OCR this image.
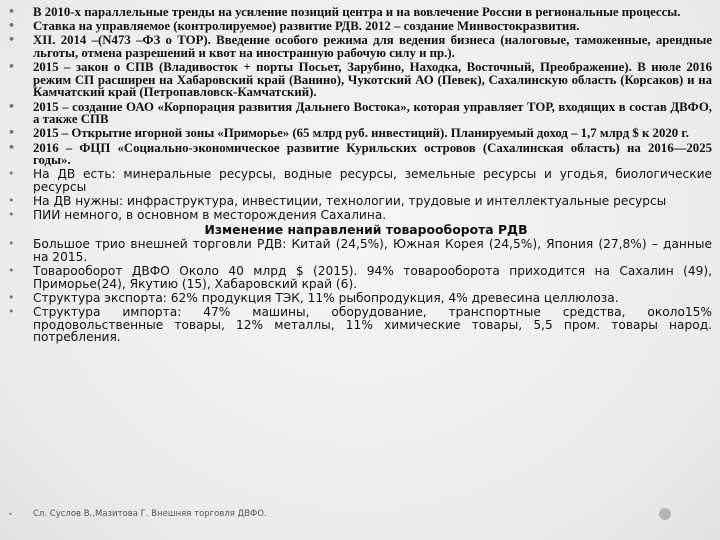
• В 2010-х параллельные тренды на усиление позиций центра и на вовлечение России в региональные процессы.
• Ставка на управляемое (контролируемое) развитие РДВ. 2012 – создание Минвостокразвития.
• XII. 2014 –(N473 –ФЗ о ТОР). Введение особого режима для ведения бизнеса (налоговые, таможенные, арендные льготы, отмена разрешений и квот на иностранную рабочую силу и пр.).
• 2015 – закон о СПВ (Владивосток + порты Посьет, Зарубино, Находка, Восточный, Преображение). В июле 2016 режим СП расширен на Хабаровский край (Ванино), Чукотский АО (Певек), Сахалинскую область (Корсаков) и на Камчатский край (Петропавловск-Камчатский).
• 2015 – создание ОАО «Корпорация развития Дальнего Востока», которая управляет ТОР, входящих в состав ДВФО, а также СПВ
• 2015 – Открытие игорной зоны «Приморье» (65 млрд руб. инвестиций). Планируемый доход – 1,7 млрд $ к 2020 г.
• 2016 – ФЦП «Социально-экономическое развитие Курильских островов (Сахалинская область) на 2016—2025 годы».
• На ДВ есть: минеральные ресурсы, водные ресурсы, земельные ресурсы и угодья, биологические ресурсы
• На ДВ нужны: инфраструктура, инвестиции, технологии, трудовые и интеллектуальные ресурсы
• ПИИ немного, в основном в месторождения Сахалина.
Изменение направлений товарооборота РДВ
• Большое трио внешней торговли РДВ: Китай (24,5%), Южная Корея (24,5%), Япония (27,8%) – данные на 2015.
• Товарооборот ДВФО Около 40 млрд $ (2015). 94% товарооборота приходится на Сахалин (49), Приморье(24), Якутию (15), Хабаровский край (6).
• Структура экспорта: 62% продукция ТЭК, 11% рыбопродукция, 4% древесина целлюлоза.
• Структура импорта: 47% машины, оборудование, транспортные средства, около15% продовольственные товары, 12% металлы, 11% химические товары, 5,5 пром. товары народ. потребления.
• Сл. Суслов В.,Мазитова Г. Внешняя торговля ДВФО.
